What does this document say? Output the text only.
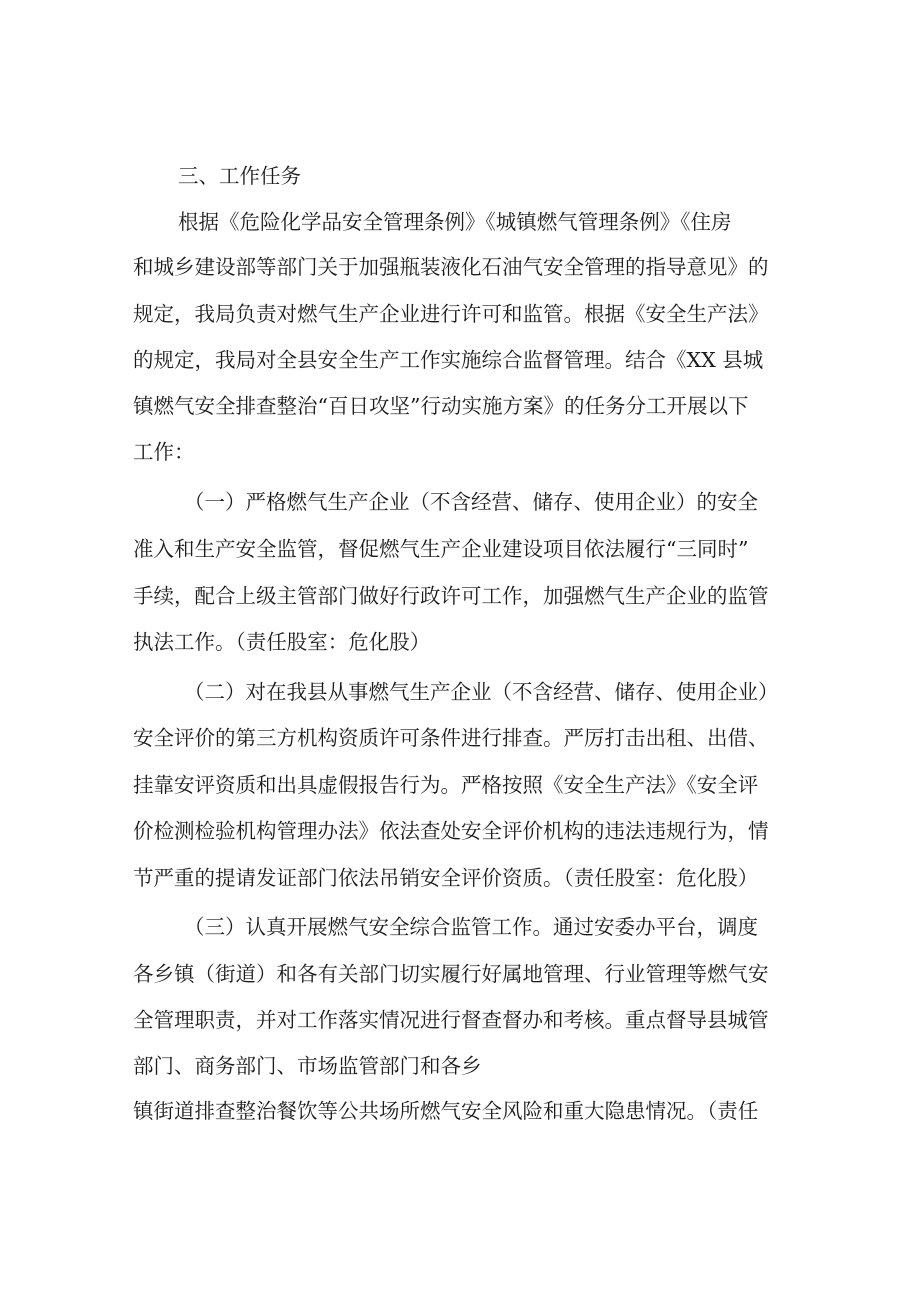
三、工作任务
根据《危险化学品安全管理条例》《城镇燃气管理条例》《住房
和城乡建设部等部门关于加强瓶装液化石油气安全管理的指导意见》的
规定，我局负责对燃气生产企业进行许可和监管。根据《安全生产法》
的规定，我局对全县安全生产工作实施综合监督管理。结合《XX 县城
镇燃气安全排查整治“百日攻坚”行动实施方案》的任务分工开展以下
工作：
（一）严格燃气生产企业（不含经营、储存、使用企业）的安全
准入和生产安全监管，督促燃气生产企业建设项目依法履行“三同时”
手续，配合上级主管部门做好行政许可工作，加强燃气生产企业的监管
执法工作。（责任股室：危化股）
（二）对在我县从事燃气生产企业（不含经营、储存、使用企业）
安全评价的第三方机构资质许可条件进行排查。严厉打击出租、出借、
挂靠安评资质和出具虚假报告行为。严格按照《安全生产法》《安全评
价检测检验机构管理办法》依法查处安全评价机构的违法违规行为，情
节严重的提请发证部门依法吊销安全评价资质。（责任股室：危化股）
（三）认真开展燃气安全综合监管工作。通过安委办平台，调度
各乡镇（街道）和各有关部门切实履行好属地管理、行业管理等燃气安
全管理职责，并对工作落实情况进行督查督办和考核。重点督导县城管
部门、商务部门、市场监管部门和各乡
镇街道排查整治餐饮等公共场所燃气安全风险和重大隐患情况。（责任
